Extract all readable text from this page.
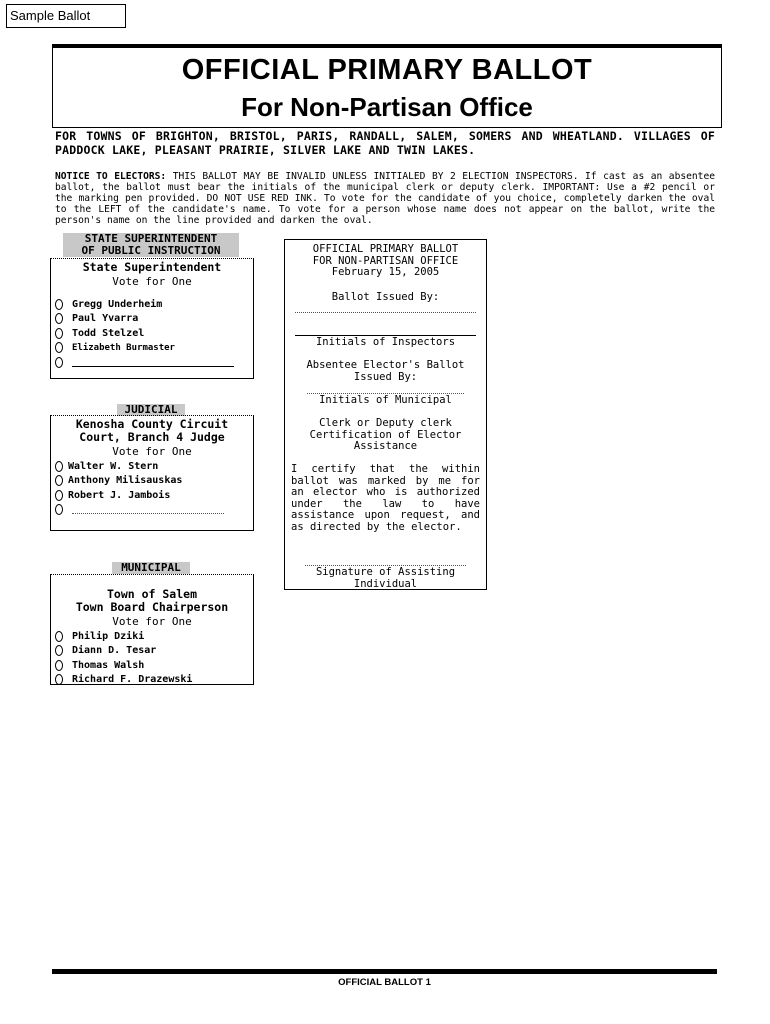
Sample Ballot
OFFICIAL PRIMARY BALLOT
For Non-Partisan Office
FOR TOWNS OF BRIGHTON, BRISTOL, PARIS, RANDALL, SALEM, SOMERS AND WHEATLAND. VILLAGES OF PADDOCK LAKE, PLEASANT PRAIRIE, SILVER LAKE AND TWIN LAKES.
NOTICE TO ELECTORS: THIS BALLOT MAY BE INVALID UNLESS INITIALED BY 2 ELECTION INSPECTORS. If cast as an absentee ballot, the ballot must bear the initials of the municipal clerk or deputy clerk. IMPORTANT: Use a #2 pencil or the marking pen provided. DO NOT USE RED INK. To vote for the candidate of you choice, completely darken the oval to the LEFT of the candidate's name. To vote for a person whose name does not appear on the ballot, write the person's name on the line provided and darken the oval.
STATE SUPERINTENDENT
OF PUBLIC INSTRUCTION
State Superintendent
Vote for One
Gregg Underheim
Paul Yvarra
Todd Stelzel
Elizabeth Burmaster
JUDICIAL
Kenosha County Circuit
Court, Branch 4 Judge
Vote for One
Walter W. Stern
Anthony Milisauskas
Robert J. Jambois
MUNICIPAL
Town of Salem
Town Board Chairperson
Vote for One
Philip Dziki
Diann D. Tesar
Thomas Walsh
Richard F. Drazewski
OFFICIAL PRIMARY BALLOT
FOR NON-PARTISAN OFFICE
February 15, 2005
Ballot Issued By:
Initials of Inspectors
Absentee Elector's Ballot
Issued By:
Initials of Municipal
Clerk or Deputy clerk
Certification of Elector
Assistance
I certify that the within ballot was marked by me for an elector who is authorized under the law to have assistance upon request, and as directed by the elector.
Signature of Assisting
Individual
OFFICIAL BALLOT 1
